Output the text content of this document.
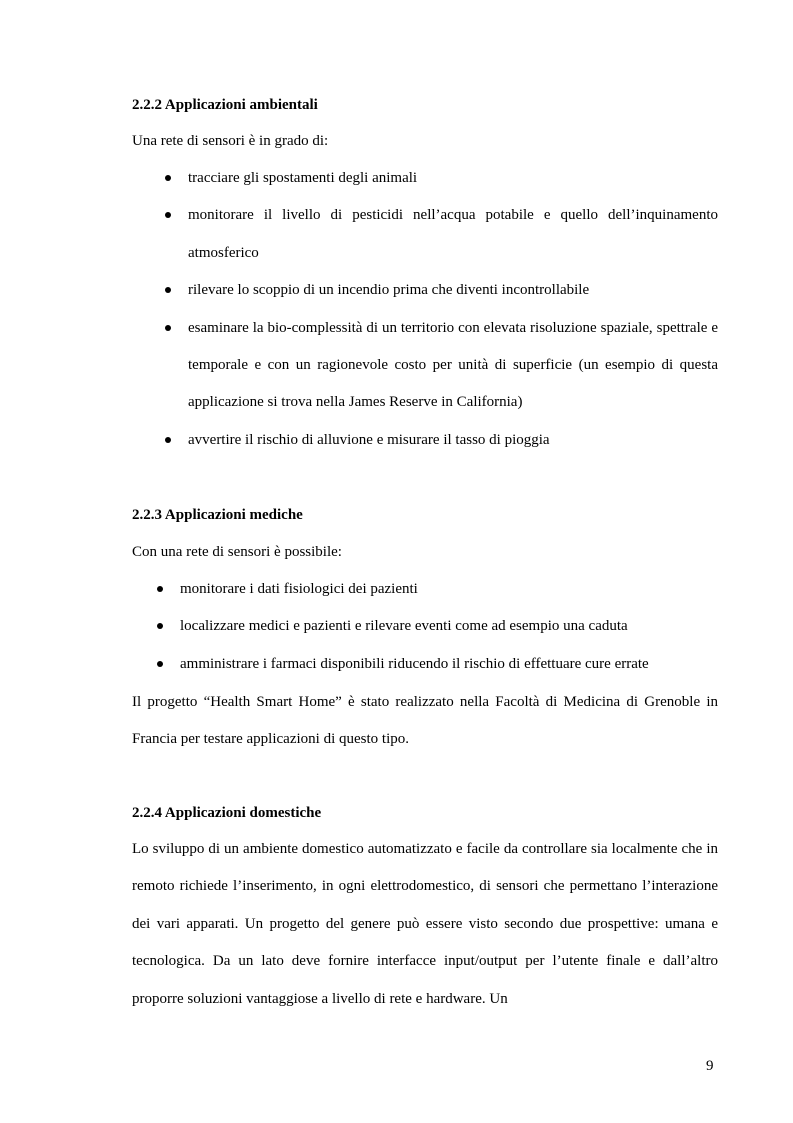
2.2.2 Applicazioni ambientali

Una rete di sensori è in grado di:

tracciare gli spostamenti degli animali
monitorare il livello di pesticidi nell’acqua potabile e quello dell’inquinamento atmosferico
rilevare lo scoppio di un incendio prima che diventi incontrollabile
esaminare la bio-complessità di un territorio con elevata risoluzione spaziale, spettrale e temporale e con un ragionevole costo per unità di superficie (un esempio di questa applicazione si trova nella James Reserve in California)
avvertire il rischio di alluvione e misurare il tasso di pioggia
2.2.3 Applicazioni mediche

Con una rete di sensori è possibile:

monitorare i dati fisiologici dei pazienti
localizzare medici e pazienti e rilevare eventi come ad esempio una caduta
amministrare i farmaci disponibili riducendo il rischio di effettuare cure errate

Il progetto “Health Smart Home” è stato realizzato nella Facoltà di Medicina di Grenoble in Francia per testare applicazioni di questo tipo.

2.2.4 Applicazioni domestiche

Lo sviluppo di un ambiente domestico automatizzato e facile da controllare sia localmente che in remoto richiede l’inserimento, in ogni elettrodomestico, di sensori che permettano l’interazione dei vari apparati. Un progetto del genere può essere visto secondo due prospettive: umana e tecnologica. Da un lato deve fornire interfacce input/output per l’utente finale e dall’altro proporre soluzioni vantaggiose a livello di rete e hardware. Un

9
